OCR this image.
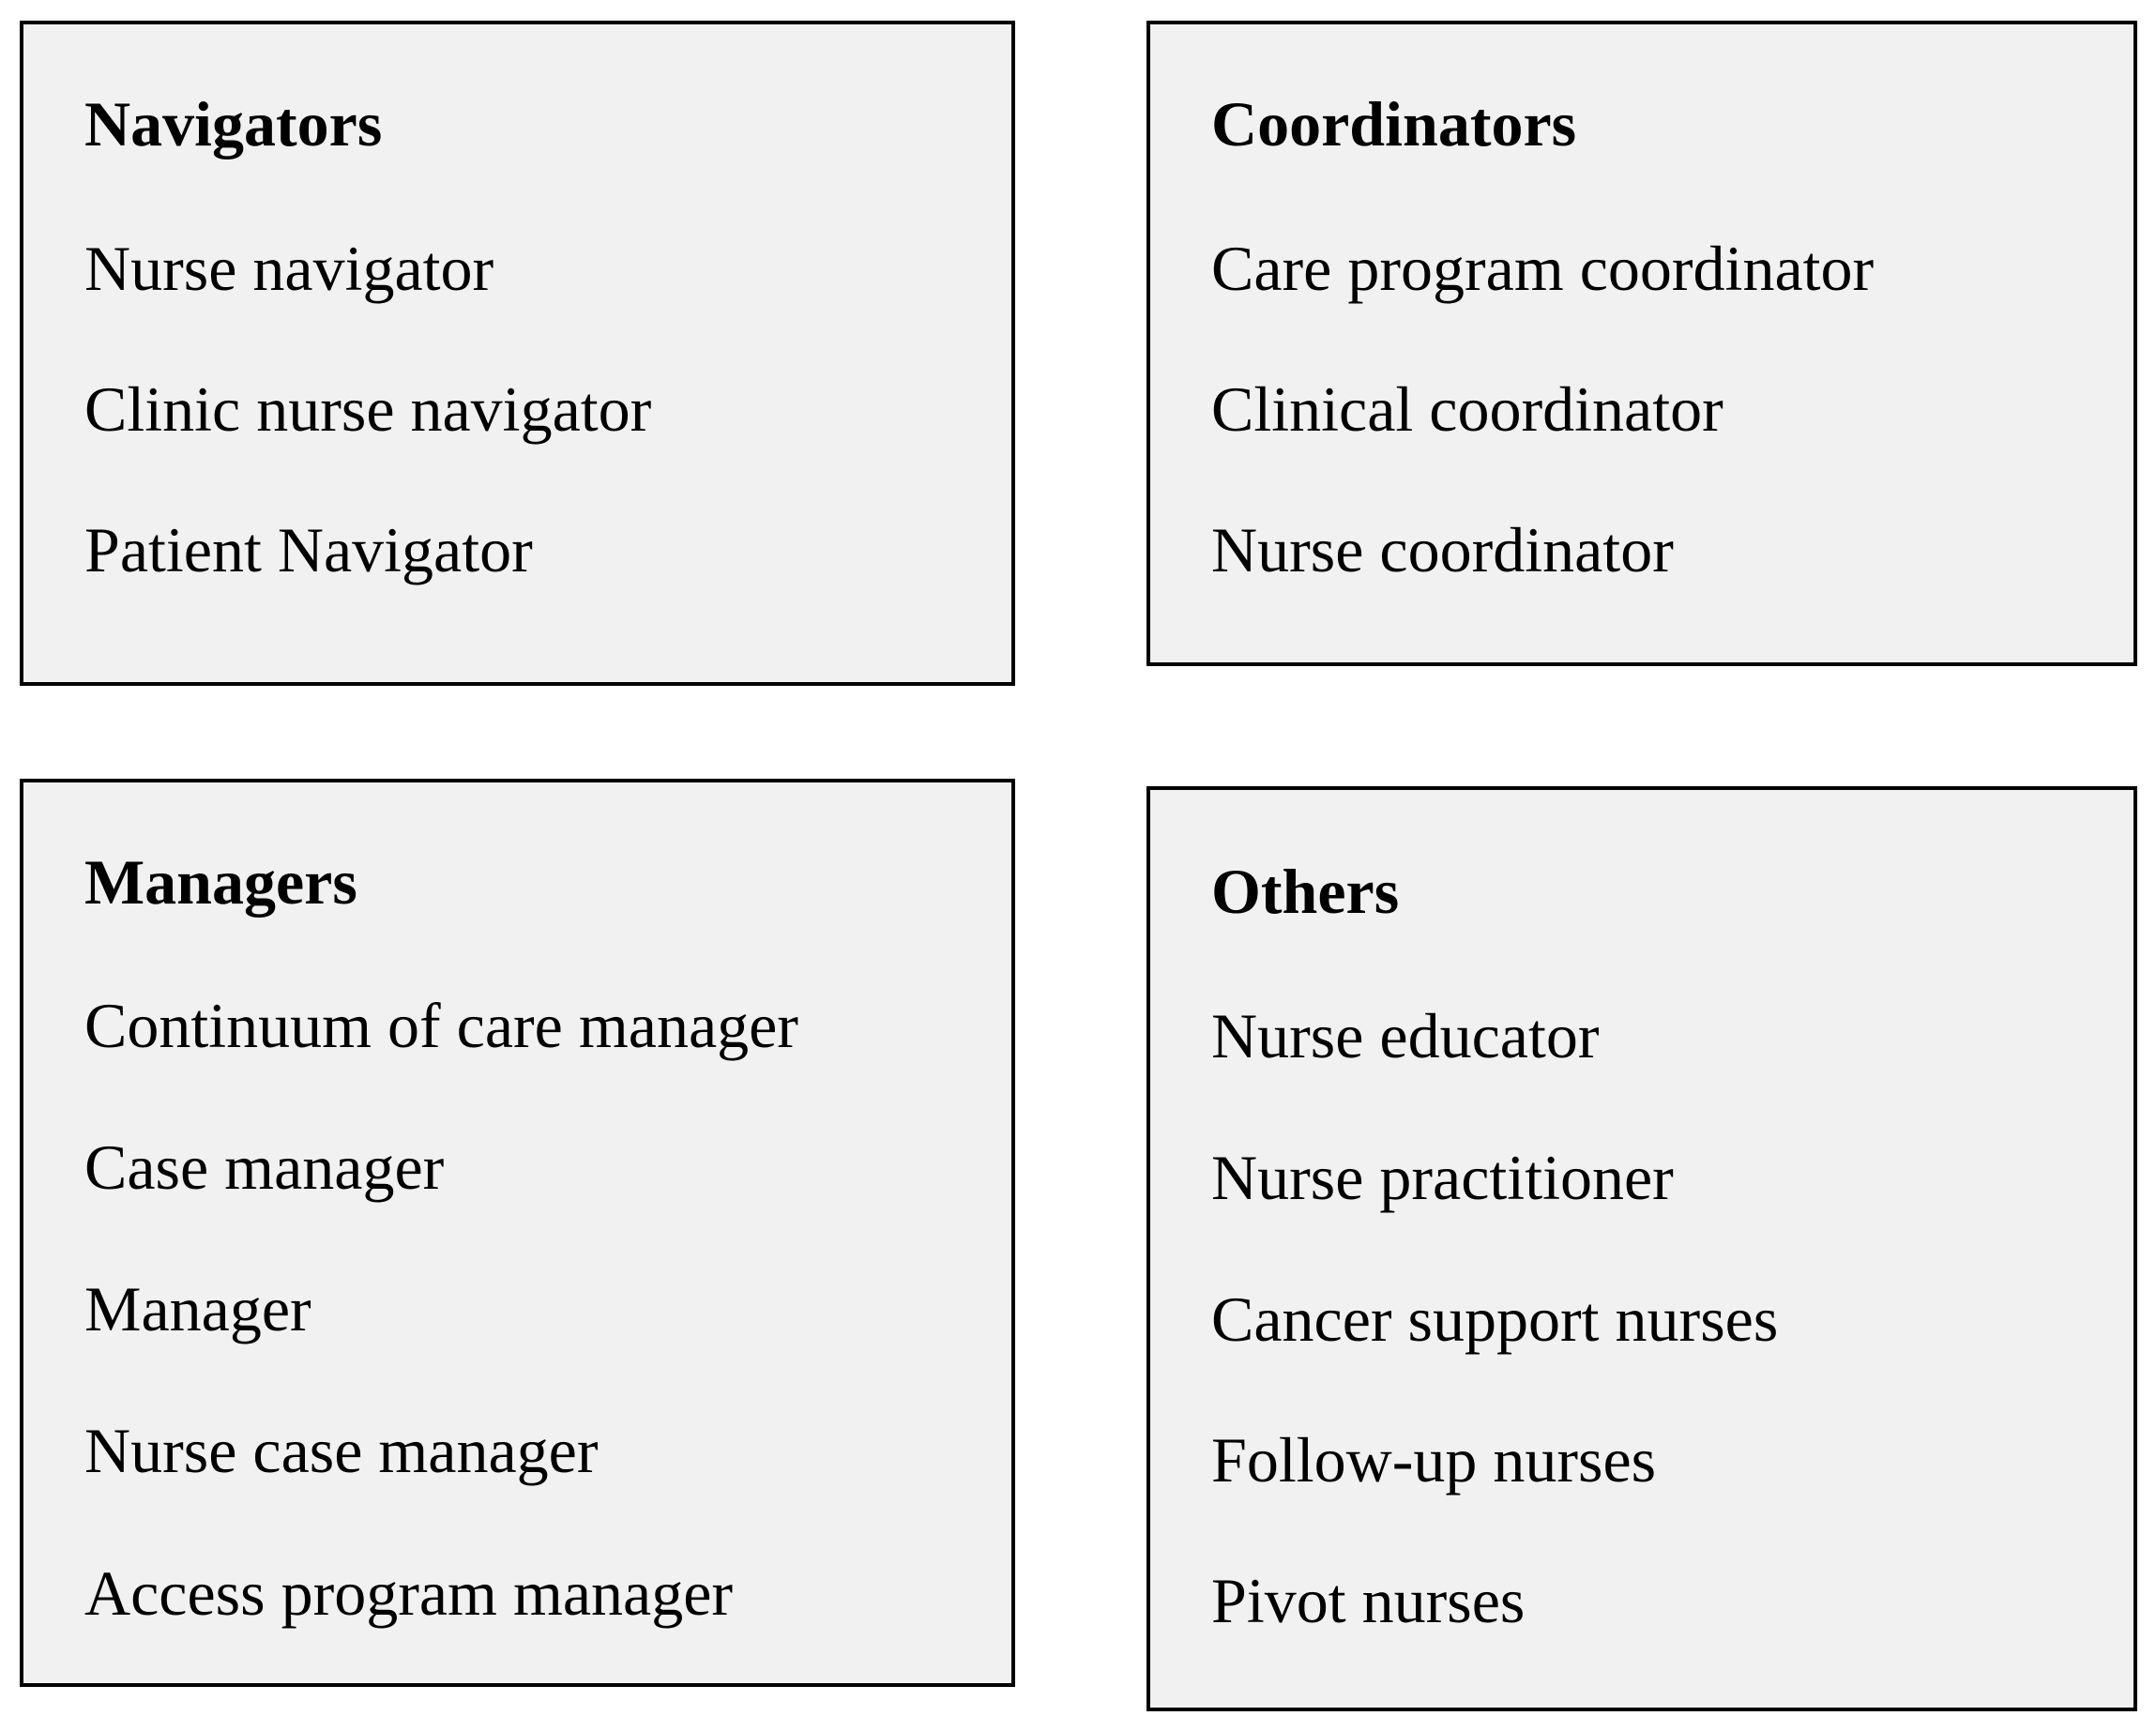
Navigators
Nurse navigator
Clinic nurse navigator
Patient Navigator
Coordinators
Care program coordinator
Clinical coordinator
Nurse coordinator
Managers
Continuum of care manager
Case manager
Manager
Nurse case manager
Access program manager
Others
Nurse educator
Nurse practitioner
Cancer support nurses
Follow-up nurses
Pivot nurses
